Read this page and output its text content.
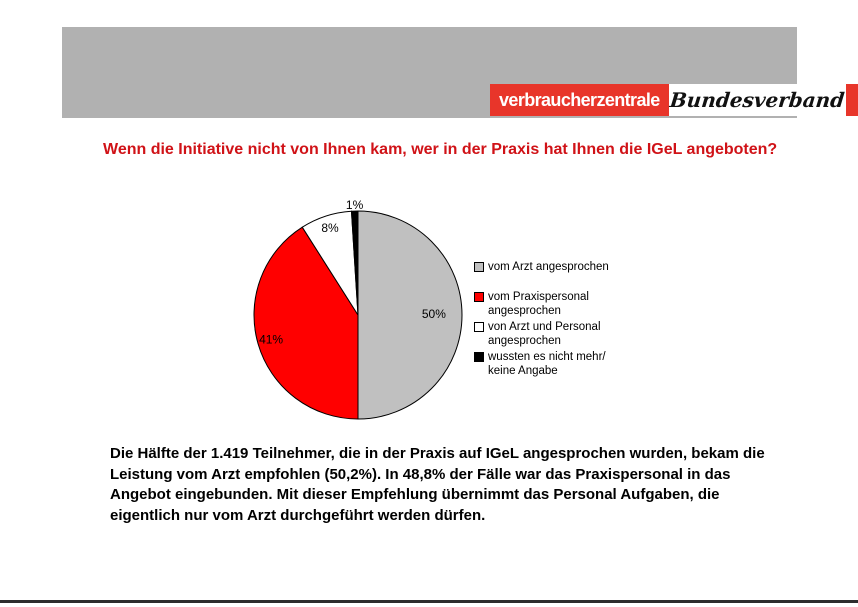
verbraucherzentrale Bundesverband
Wenn die Initiative nicht von Ihnen kam, wer in der Praxis hat Ihnen die IGeL angeboten?
50%
41%
8%
1%
vom Arzt angesprochen
vom Praxispersonal angesprochen
von Arzt und Personal angesprochen
wussten es nicht mehr/ keine Angabe
Die Hälfte der 1.419 Teilnehmer, die in der Praxis auf IGeL angesprochen wurden, bekam die Leistung vom Arzt empfohlen (50,2%). In 48,8% der Fälle war das Praxispersonal in das Angebot eingebunden. Mit dieser Empfehlung übernimmt das Personal Aufgaben, die eigentlich nur vom Arzt durchgeführt werden dürfen.
